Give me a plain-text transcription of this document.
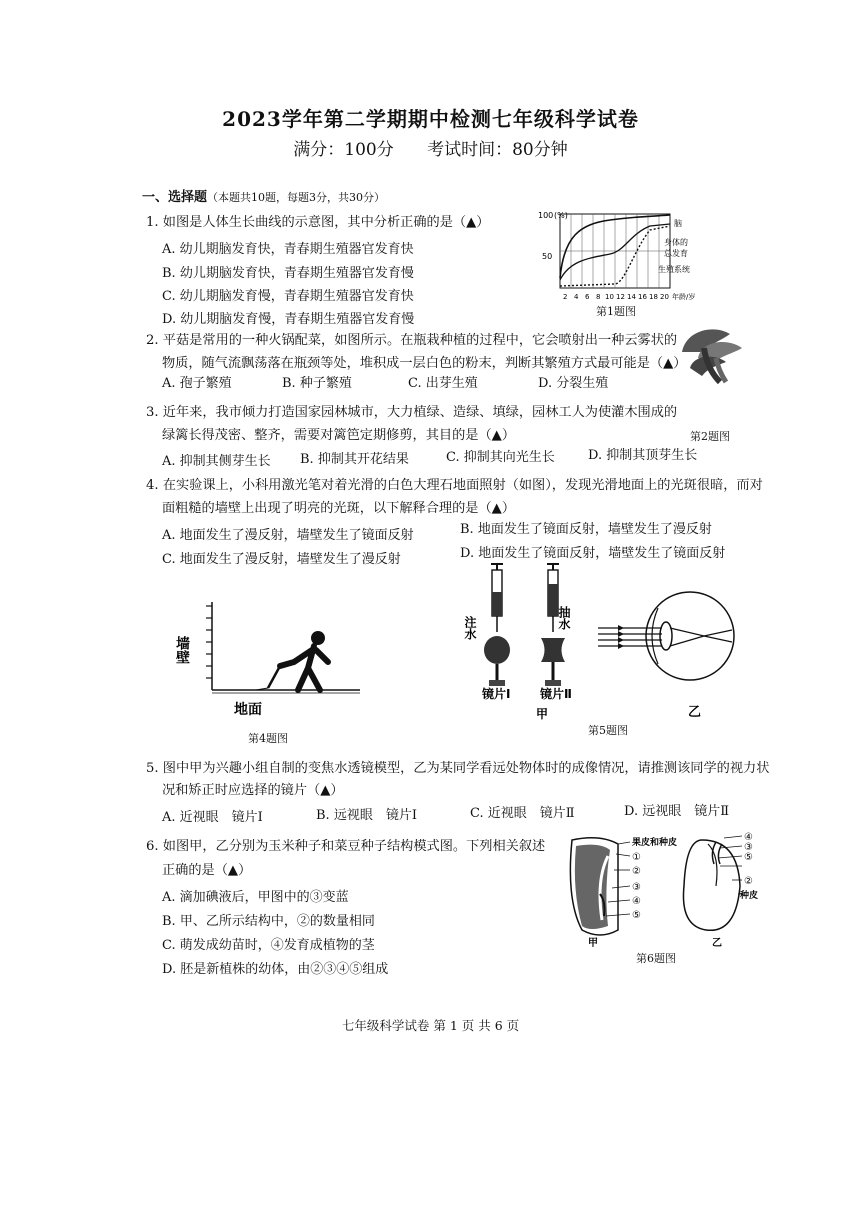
2023学年第二学期期中检测七年级科学试卷
满分：100分 考试时间：80分钟
一、选择题（本题共10题，每题3分，共30分）
1. 如图是人体生长曲线的示意图，其中分析正确的是（▲）
A. 幼儿期脑发育快，青春期生殖器官发育快
B. 幼儿期脑发育快，青春期生殖器官发育慢
C. 幼儿期脑发育慢，青春期生殖器官发育快
D. 幼儿期脑发育慢，青春期生殖器官发育慢
100 (%)
50
脑
身体的
总发育
生殖系统
2 4 6 8 10 12 14 16 18 20 年龄/岁
第1题图
2. 平菇是常用的一种火锅配菜，如图所示。在瓶栽种植的过程中，它会喷射出一种云雾状的
物质，随气流飘荡落在瓶颈等处，堆积成一层白色的粉末，判断其繁殖方式最可能是（▲）
A. 孢子繁殖	B. 种子繁殖	C. 出芽生殖	D. 分裂生殖
第2题图
3. 近年来，我市倾力打造国家园林城市，大力植绿、造绿、填绿，园林工人为使灌木围成的
绿篱长得茂密、整齐，需要对篱笆定期修剪，其目的是（▲）
A. 抑制其侧芽生长 B. 抑制其开花结果	C. 抑制其向光生长	D. 抑制其顶芽生长
4. 在实验课上，小科用激光笔对着光滑的白色大理石地面照射（如图），发现光滑地面上的光斑很暗，而对
面粗糙的墙壁上出现了明亮的光斑，以下解释合理的是（▲）
A. 地面发生了漫反射，墙壁发生了镜面反射	B. 地面发生了镜面反射，墙壁发生了漫反射
C. 地面发生了漫反射，墙壁发生了漫反射	D. 地面发生了镜面反射，墙壁发生了镜面反射
墙壁
地面
第4题图
注水	抽水
镜片Ⅰ 镜片Ⅱ
甲	乙
第5题图
5. 图中甲为兴趣小组自制的变焦水透镜模型，乙为某同学看远处物体时的成像情况，请推测该同学的视力状
况和矫正时应选择的镜片（▲）
A. 近视眼　镜片Ⅰ	B. 远视眼　镜片Ⅰ	C. 近视眼　镜片Ⅱ	D. 远视眼　镜片Ⅱ
6. 如图甲，乙分别为玉米种子和菜豆种子结构模式图。下列相关叙述
正确的是（▲）
A. 滴加碘液后，甲图中的③变蓝
B. 甲、乙所示结构中，②的数量相同
C. 萌发成幼苗时，④发育成植物的茎
D. 胚是新植株的幼体，由②③④⑤组成
果皮和种皮
①
②
③
④
⑤
甲
④
③
⑤
②
种皮
乙
第6题图
七年级科学试卷 第 1 页 共 6 页
